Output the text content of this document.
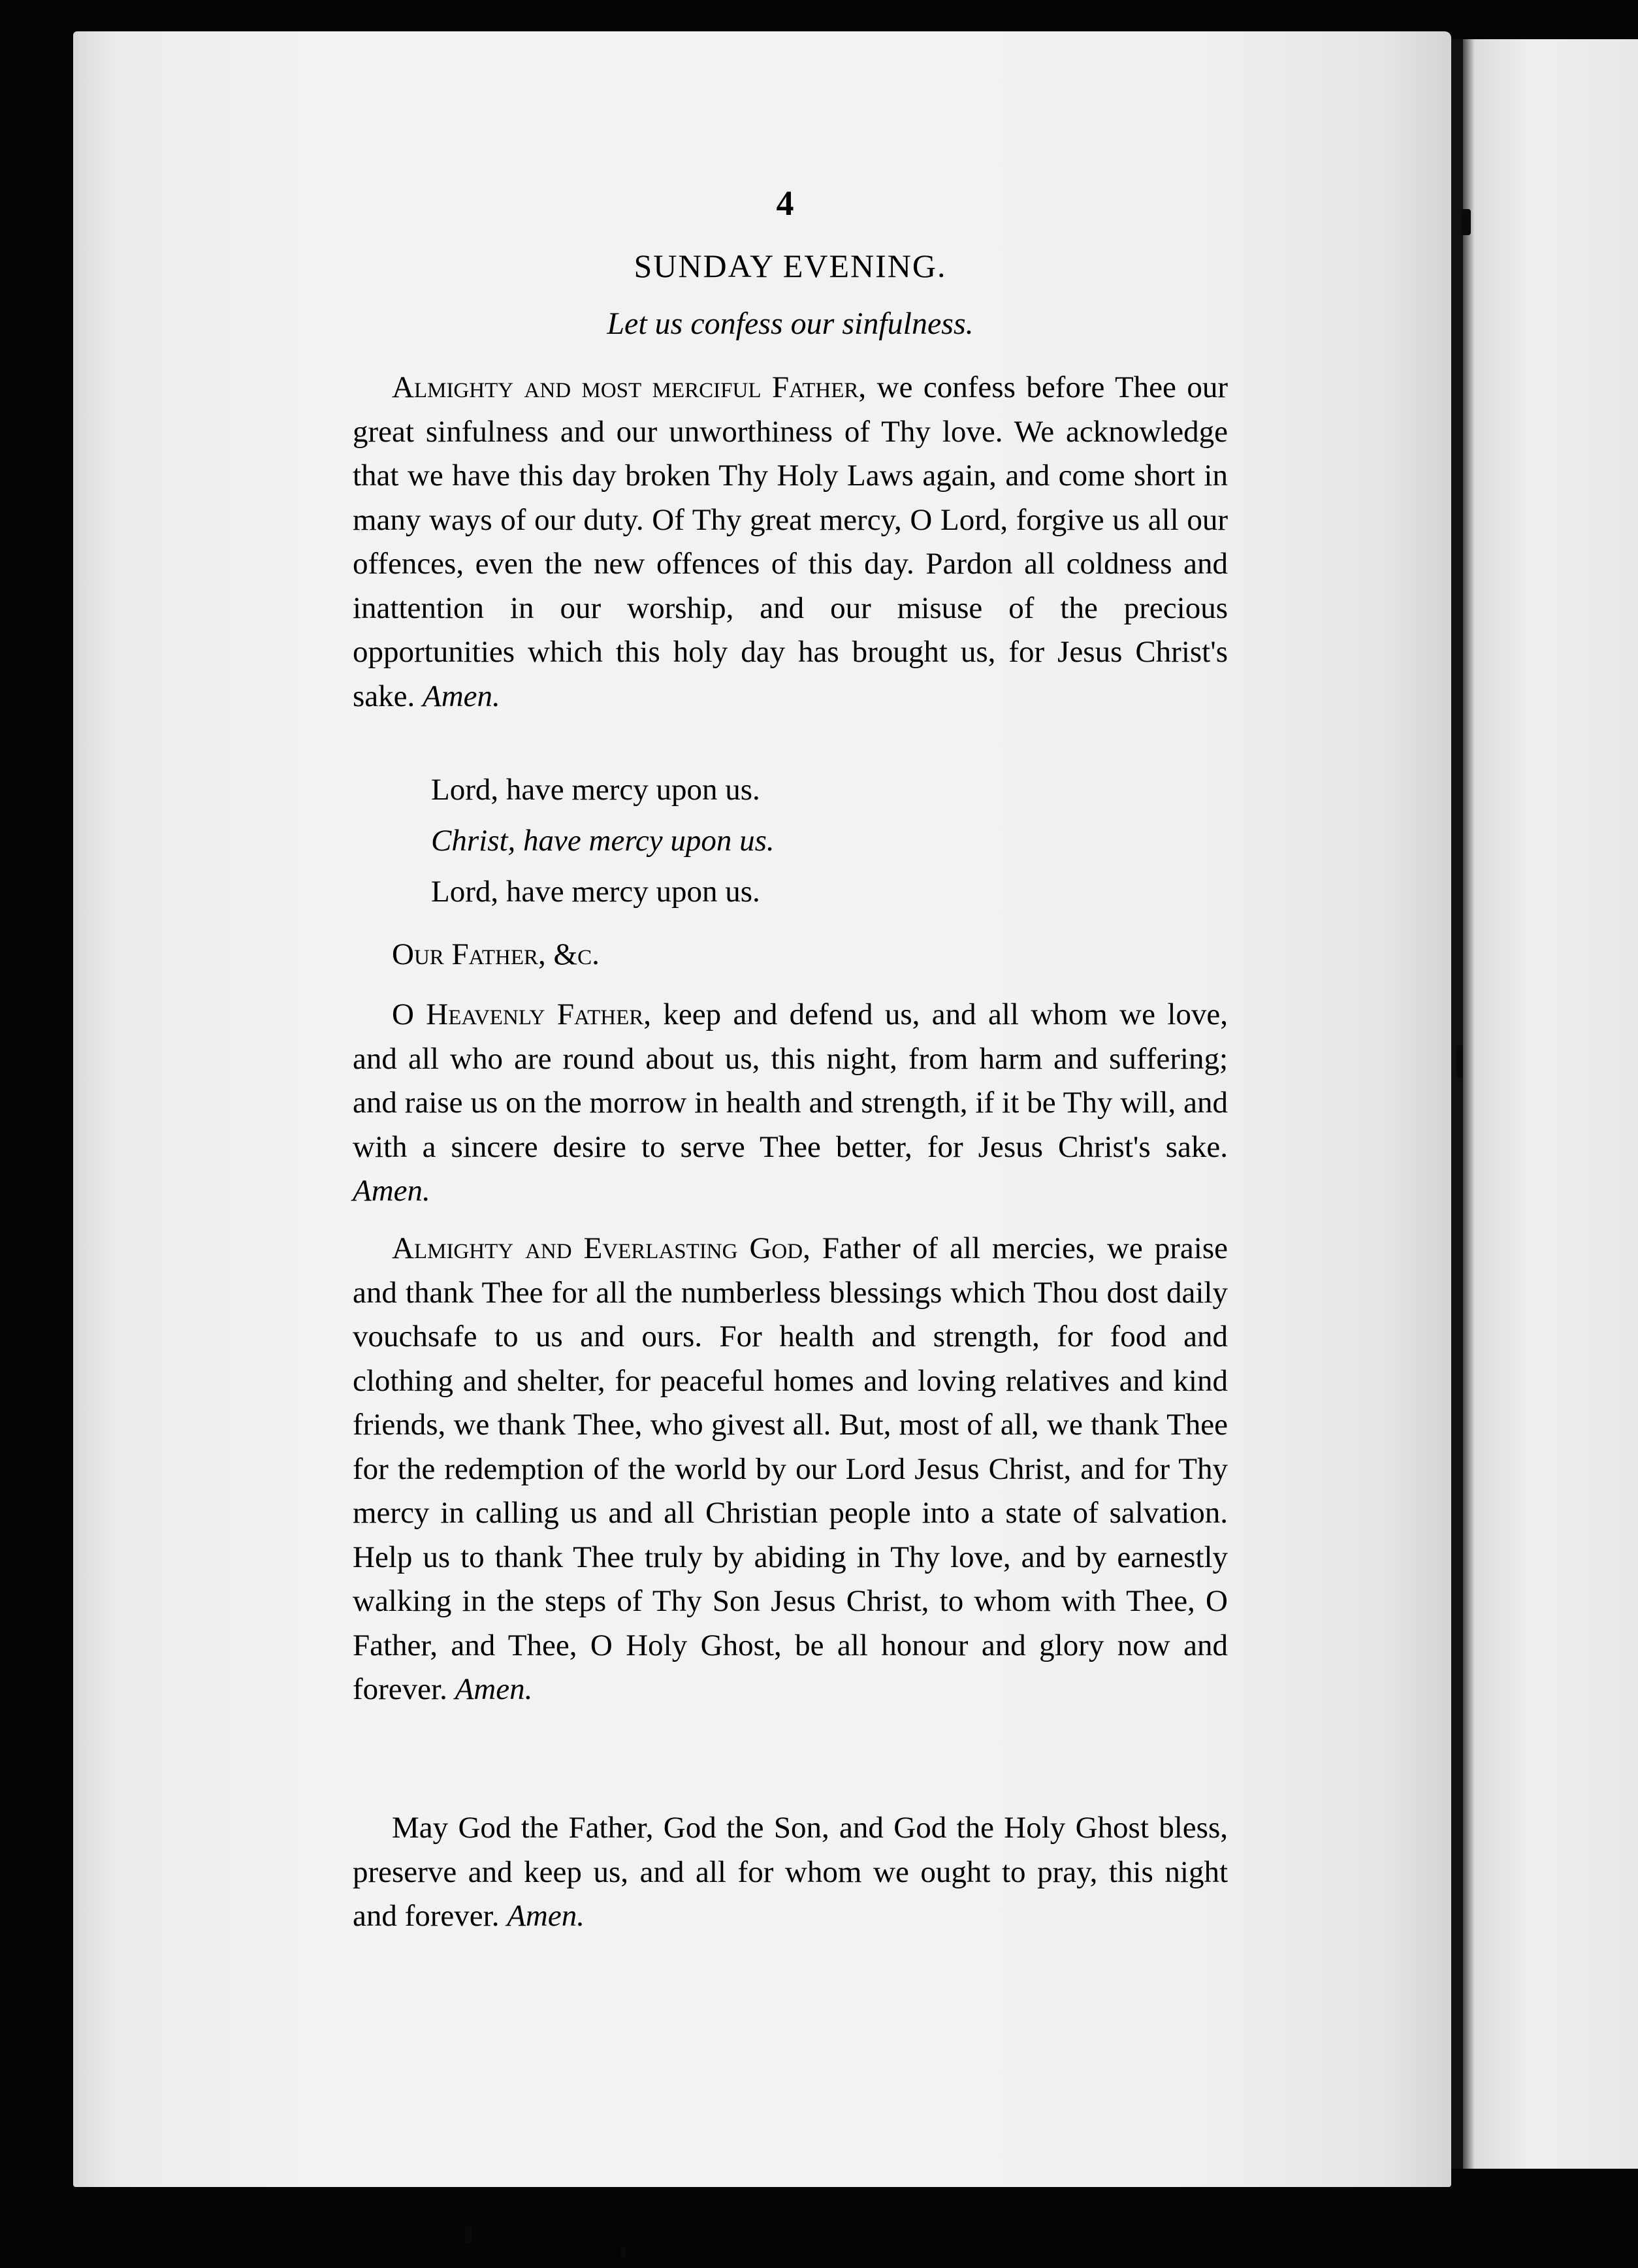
4
SUNDAY EVENING.
Let us confess our sinfulness.
Almighty and most merciful Father, we confess before Thee our great sinfulness and our unworthiness of Thy love. We acknowledge that we have this day broken Thy Holy Laws again, and come short in many ways of our duty. Of Thy great mercy, O Lord, forgive us all our offences, even the new offences of this day. Pardon all coldness and inattention in our worship, and our misuse of the precious opportunities which this holy day has brought us, for Jesus Christ's sake. Amen.
Lord, have mercy upon us.
Christ, have mercy upon us.
Lord, have mercy upon us.
Our Father, &c.
O Heavenly Father, keep and defend us, and all whom we love, and all who are round about us, this night, from harm and suffering; and raise us on the morrow in health and strength, if it be Thy will, and with a sincere desire to serve Thee better, for Jesus Christ's sake. Amen.
Almighty and Everlasting God, Father of all mercies, we praise and thank Thee for all the numberless blessings which Thou dost daily vouchsafe to us and ours. For health and strength, for food and clothing and shelter, for peaceful homes and loving relatives and kind friends, we thank Thee, who givest all. But, most of all, we thank Thee for the redemption of the world by our Lord Jesus Christ, and for Thy mercy in calling us and all Christian people into a state of salvation. Help us to thank Thee truly by abiding in Thy love, and by earnestly walking in the steps of Thy Son Jesus Christ, to whom with Thee, O Father, and Thee, O Holy Ghost, be all honour and glory now and forever. Amen.
May God the Father, God the Son, and God the Holy Ghost bless, preserve and keep us, and all for whom we ought to pray, this night and forever. Amen.
